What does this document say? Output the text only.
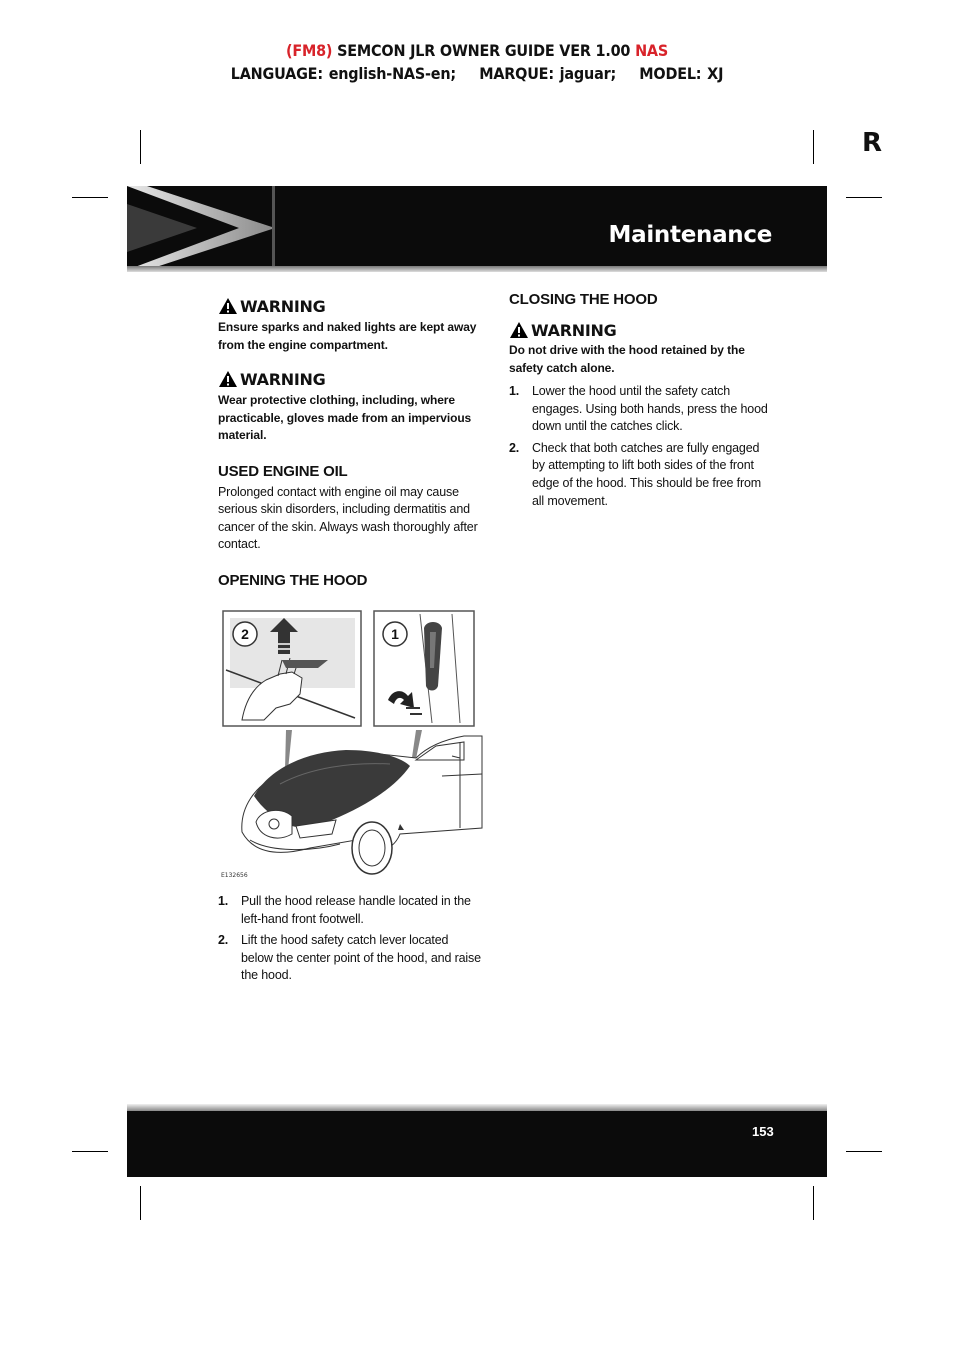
(FM8) SEMCON JLR OWNER GUIDE VER 1.00 NAS
LANGUAGE: english-NAS-en;    MARQUE: jaguar;    MODEL: XJ
R
Maintenance
WARNING
Ensure sparks and naked lights are kept away from the engine compartment.
WARNING
Wear protective clothing, including, where practicable, gloves made from an impervious material.
USED ENGINE OIL
Prolonged contact with engine oil may cause serious skin disorders, including dermatitis and cancer of the skin. Always wash thoroughly after contact.
OPENING THE HOOD
2	1
E132656
1.	Pull the hood release handle located in the left-hand front footwell.
2.	Lift the hood safety catch lever located below the center point of the hood, and raise the hood.
CLOSING THE HOOD
WARNING
Do not drive with the hood retained by the safety catch alone.
1.	Lower the hood until the safety catch engages. Using both hands, press the hood down until the catches click.
2.	Check that both catches are fully engaged by attempting to lift both sides of the front edge of the hood. This should be free from all movement.
153
